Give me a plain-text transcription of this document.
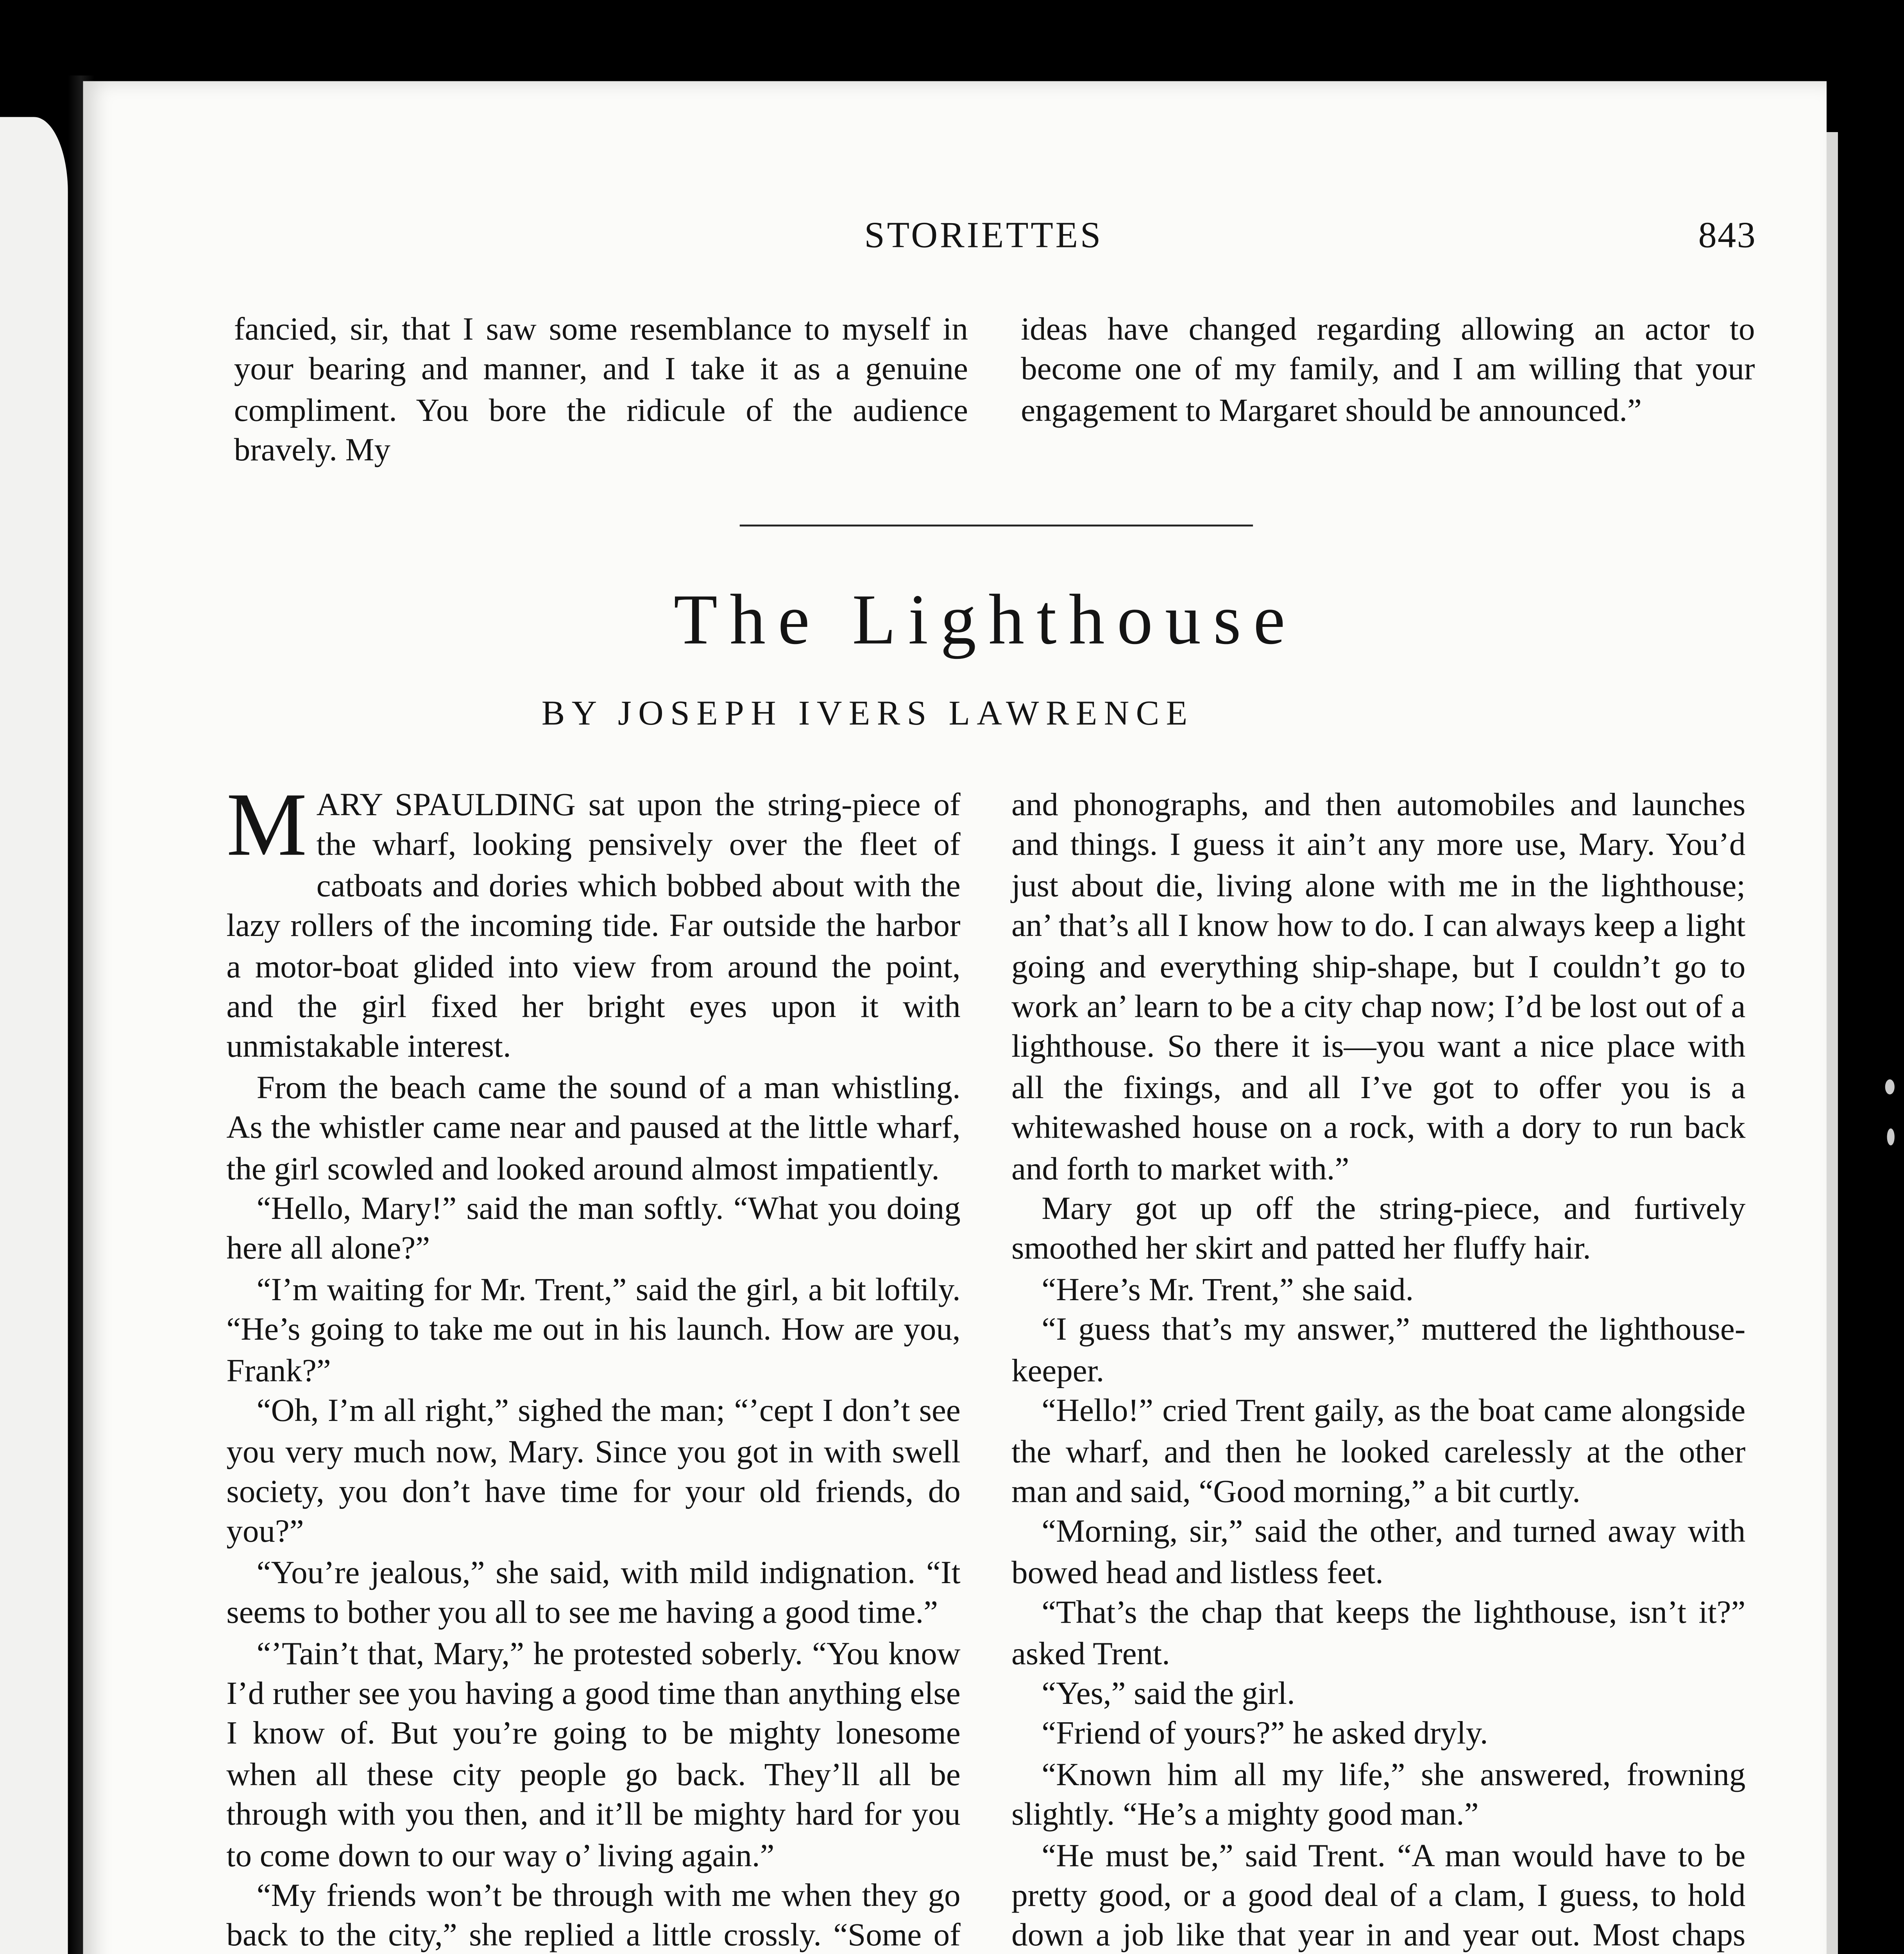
STORIETTES	843

fancied, sir, that I saw some resemblance to myself in your bearing and manner, and I take it as a genuine compliment. You bore the ridicule of the audience bravely. My

ideas have changed regarding allowing an actor to become one of my family, and I am willing that your engagement to Margaret should be announced.”

The Lighthouse
BY JOSEPH IVERS LAWRENCE

M ARY SPAULDING sat upon the string-piece of the wharf, looking pensively over the fleet of catboats and dories which bobbed about with the lazy rollers of the incoming tide. Far outside the harbor a motor-boat glided into view from around the point, and the girl fixed her bright eyes upon it with unmistakable interest.

From the beach came the sound of a man whistling. As the whistler came near and paused at the little wharf, the girl scowled and looked around almost impatiently.

“Hello, Mary!” said the man softly. “What you doing here all alone?”

“I’m waiting for Mr. Trent,” said the girl, a bit loftily. “He’s going to take me out in his launch. How are you, Frank?”

“Oh, I’m all right,” sighed the man; “’cept I don’t see you very much now, Mary. Since you got in with swell society, you don’t have time for your old friends, do you?”

“You’re jealous,” she said, with mild indignation. “It seems to bother you all to see me having a good time.”

“’Tain’t that, Mary,” he protested soberly. “You know I’d ruther see you having a good time than anything else I know of. But you’re going to be mighty lonesome when all these city people go back. They’ll all be through with you then, and it’ll be mighty hard for you to come down to our way o’ living again.”

“My friends won’t be through with me when they go back to the city,” she replied a little crossly. “Some of

and phonographs, and then automobiles and launches and things. I guess it ain’t any more use, Mary. You’d just about die, living alone with me in the lighthouse; an’ that’s all I know how to do. I can always keep a light going and everything ship-shape, but I couldn’t go to work an’ learn to be a city chap now; I’d be lost out of a lighthouse. So there it is—you want a nice place with all the fixings, and all I’ve got to offer you is a whitewashed house on a rock, with a dory to run back and forth to market with.”

Mary got up off the string-piece, and furtively smoothed her skirt and patted her fluffy hair.

“Here’s Mr. Trent,” she said.

“I guess that’s my answer,” muttered the lighthouse-keeper.

“Hello!” cried Trent gaily, as the boat came alongside the wharf, and then he looked carelessly at the other man and said, “Good morning,” a bit curtly.

“Morning, sir,” said the other, and turned away with bowed head and listless feet.

“That’s the chap that keeps the lighthouse, isn’t it?” asked Trent.

“Yes,” said the girl.

“Friend of yours?” he asked dryly.

“Known him all my life,” she answered, frowning slightly. “He’s a mighty good man.”

“He must be,” said Trent. “A man would have to be pretty good, or a good deal of a clam, I guess, to hold down a job like that year in and year out. Most chaps
